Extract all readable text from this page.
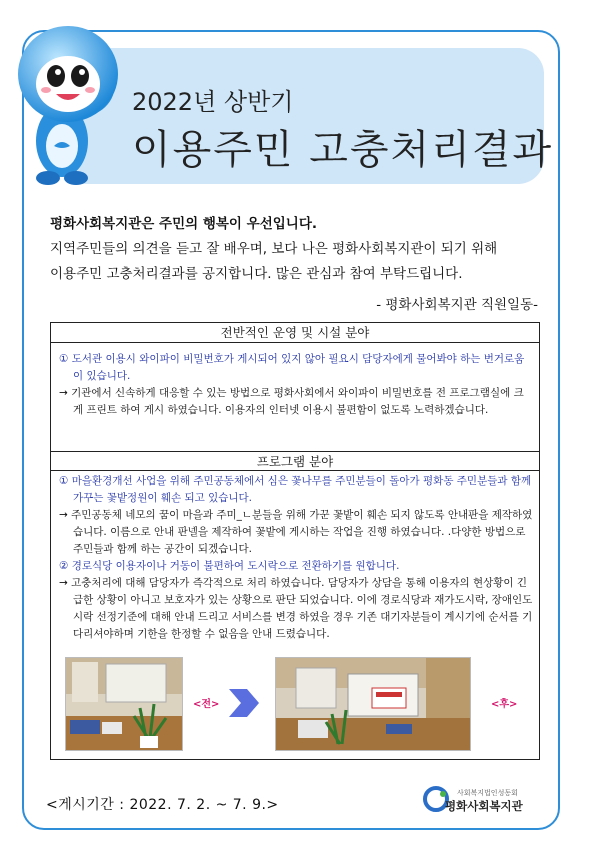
2022년 상반기
이용주민 고충처리결과
평화사회복지관은 주민의 행복이 우선입니다.
지역주민들의 의견을 듣고 잘 배우며, 보다 나은 평화사회복지관이 되기 위해
이용주민 고충처리결과를 공지합니다. 많은 관심과 참여 부탁드립니다.
- 평화사회복지관 직원일동-
전반적인 운영 및 시설 분야
① 도서관 이용시 와이파이 비밀번호가 게시되어 있지 않아 필요시 담당자에게 물어봐야 하는 번거로움이 있습니다.
→ 기관에서 신속하게 대응할 수 있는 방법으로 평화사회에서 와이파이 비밀번호를 전 프로그램실에 크게 프린트 하여 게시 하였습니다. 이용자의 인터넷 이용시 불편함이 없도록 노력하겠습니다.
프로그램 분야
① 마을환경개선 사업을 위해 주민공동체에서 심은 꽃나무를 주민분들이 돌아가 평화동 주민분들과 함께 가꾸는 꽃밭정원이 훼손 되고 있습니다.
→ 주민공동체 네모의 꿈이 마을과 주미_ㄴ분들을 위해 가꾼 꽃밭이 훼손 되지 않도록 안내판을 제작하였습니다. 이름으로 안내 판넬을 제작하여 꽃밭에 게시하는 작업을 진행 하였습니다. .다양한 방법으로 주민들과 함께 하는 공간이 되겠습니다.
② 경로식당 이용자이나 거동이 불편하여 도시락으로 전환하기를 원합니다.
→ 고충처리에 대해 담당자가 즉각적으로 처리 하였습니다. 담당자가 상담을 통해 이용자의 현상황이 긴급한 상황이 아니고 보호자가 있는 상황으로 판단 되었습니다. 이에 경로식당과 재가도시락, 장애인도시락 선정기준에 대해 안내 드리고 서비스를 변경 하였을 경우 기존 대기자분들이 계시기에 순서를 기다리셔야하며 기한을 한정할 수 없음을 안내 드렸습니다.
<전>	<후>
<게시기간 : 2022. 7. 2. ~ 7. 9.>
사회복지법인성동회
평화사회복지관
